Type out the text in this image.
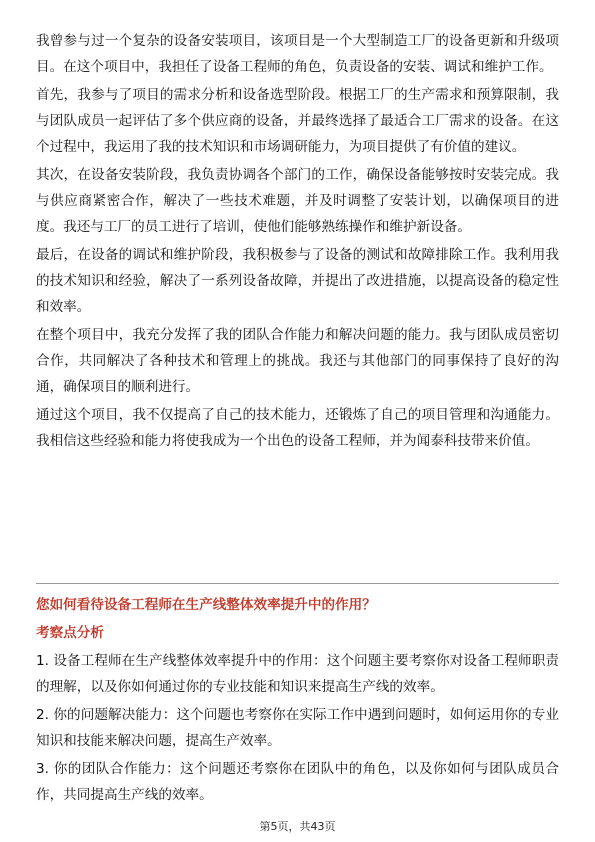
我曾参与过一个复杂的设备安装项目，该项目是一个大型制造工厂的设备更新和升级项目。在这个项目中，我担任了设备工程师的角色，负责设备的安装、调试和维护工作。

首先，我参与了项目的需求分析和设备选型阶段。根据工厂的生产需求和预算限制，我与团队成员一起评估了多个供应商的设备，并最终选择了最适合工厂需求的设备。在这个过程中，我运用了我的技术知识和市场调研能力，为项目提供了有价值的建议。

其次，在设备安装阶段，我负责协调各个部门的工作，确保设备能够按时安装完成。我与供应商紧密合作，解决了一些技术难题，并及时调整了安装计划，以确保项目的进度。我还与工厂的员工进行了培训，使他们能够熟练操作和维护新设备。

最后，在设备的调试和维护阶段，我积极参与了设备的测试和故障排除工作。我利用我的技术知识和经验，解决了一系列设备故障，并提出了改进措施，以提高设备的稳定性和效率。

在整个项目中，我充分发挥了我的团队合作能力和解决问题的能力。我与团队成员密切合作，共同解决了各种技术和管理上的挑战。我还与其他部门的同事保持了良好的沟通，确保项目的顺利进行。

通过这个项目，我不仅提高了自己的技术能力，还锻炼了自己的项目管理和沟通能力。我相信这些经验和能力将使我成为一个出色的设备工程师，并为闻泰科技带来价值。

您如何看待设备工程师在生产线整体效率提升中的作用？

考察点分析

1. 设备工程师在生产线整体效率提升中的作用：这个问题主要考察你对设备工程师职责的理解，以及你如何通过你的专业技能和知识来提高生产线的效率。

2. 你的问题解决能力：这个问题也考察你在实际工作中遇到问题时，如何运用你的专业知识和技能来解决问题，提高生产效率。

3. 你的团队合作能力：这个问题还考察你在团队中的角色，以及你如何与团队成员合作，共同提高生产线的效率。

第5页，共43页
